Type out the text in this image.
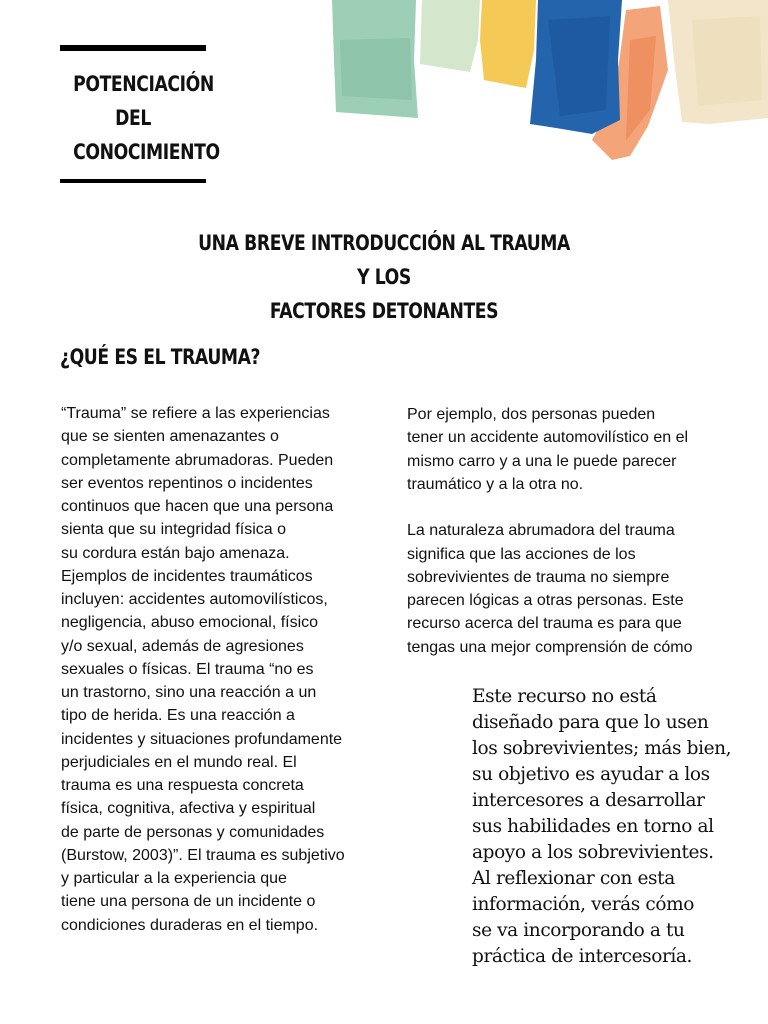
POTENCIACIÓN
DEL
CONOCIMIENTO
UNA BREVE INTRODUCCIÓN AL TRAUMA Y LOS
FACTORES DETONANTES
¿QUÉ ES EL TRAUMA?
“Trauma” se refiere a las experiencias
que se sienten amenazantes o
completamente abrumadoras. Pueden
ser eventos repentinos o incidentes
continuos que hacen que una persona
sienta que su integridad física o
su cordura están bajo amenaza.
Ejemplos de incidentes traumáticos
incluyen: accidentes automovilísticos,
negligencia, abuso emocional, físico
y/o sexual, además de agresiones
sexuales o físicas. El trauma “no es
un trastorno, sino una reacción a un
tipo de herida. Es una reacción a
incidentes y situaciones profundamente
perjudiciales en el mundo real. El
trauma es una respuesta concreta
física, cognitiva, afectiva y espiritual
de parte de personas y comunidades
(Burstow, 2003)”. El trauma es subjetivo
y particular a la experiencia que
tiene una persona de un incidente o
condiciones duraderas en el tiempo.
Por ejemplo, dos personas pueden
tener un accidente automovilístico en el
mismo carro y a una le puede parecer
traumático y a la otra no.

La naturaleza abrumadora del trauma
significa que las acciones de los
sobrevivientes de trauma no siempre
parecen lógicas a otras personas. Este
recurso acerca del trauma es para que
tengas una mejor comprensión de cómo
Este recurso no está
diseñado para que lo usen
los sobrevivientes; más bien,
su objetivo es ayudar a los
intercesores a desarrollar
sus habilidades en torno al
apoyo a los sobrevivientes.
Al reflexionar con esta
información, verás cómo
se va incorporando a tu
práctica de intercesoría.
